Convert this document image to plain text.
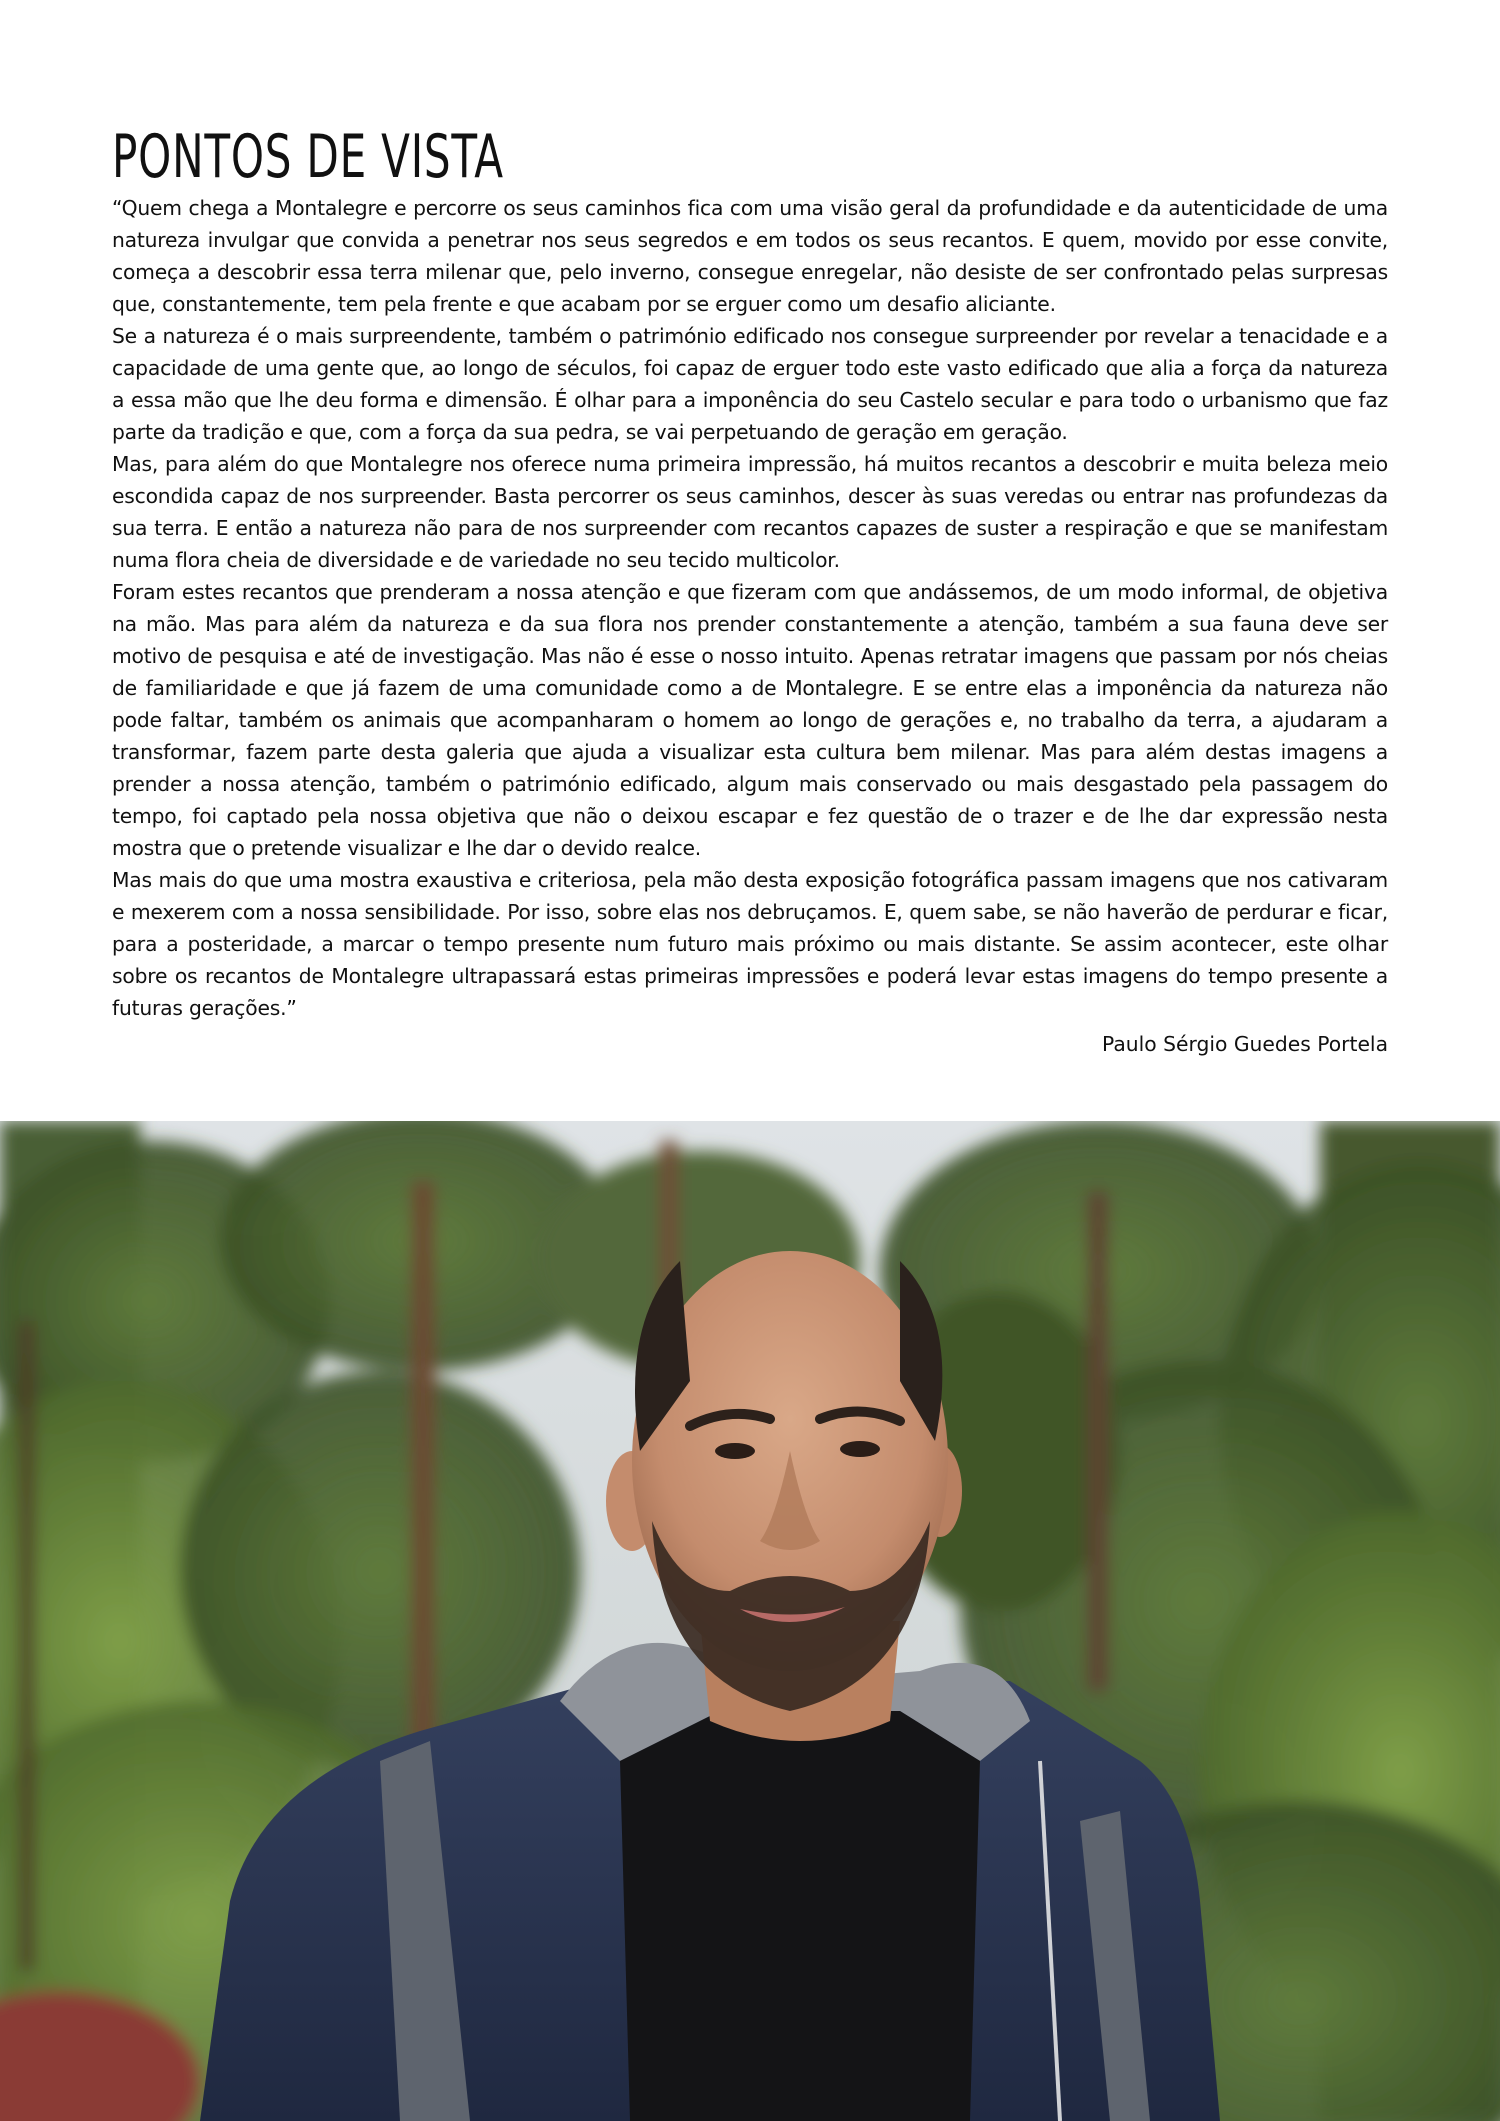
PONTOS DE VISTA

“Quem chega a Montalegre e percorre os seus caminhos fica com uma visão geral da profundidade e da autenticidade de uma natureza invulgar que convida a penetrar nos seus segredos e em todos os seus recantos. E quem, movido por esse convite, começa a descobrir essa terra milenar que, pelo inverno, consegue enregelar, não desiste de ser confrontado pelas surpresas que, constantemente, tem pela frente e que acabam por se erguer como um desafio aliciante.

Se a natureza é o mais surpreendente, também o património edificado nos consegue surpreender por revelar a tenacidade e a capacidade de uma gente que, ao longo de séculos, foi capaz de erguer todo este vasto edificado que alia a força da natureza a essa mão que lhe deu forma e dimensão. É olhar para a imponência do seu Castelo secular e para todo o urbanismo que faz parte da tradição e que, com a força da sua pedra, se vai perpetuando de geração em geração.

Mas, para além do que Montalegre nos oferece numa primeira impressão, há muitos recantos a descobrir e muita beleza meio escondida capaz de nos surpreender. Basta percorrer os seus caminhos, descer às suas veredas ou entrar nas profundezas da sua terra. E então a natureza não para de nos surpreender com recantos capazes de suster a respiração e que se manifestam numa flora cheia de diversidade e de variedade no seu tecido multicolor.

Foram estes recantos que prenderam a nossa atenção e que fizeram com que andássemos, de um modo informal, de objetiva na mão. Mas para além da natureza e da sua flora nos prender constantemente a atenção, também a sua fauna deve ser motivo de pesquisa e até de investigação. Mas não é esse o nosso intuito. Apenas retratar imagens que passam por nós cheias de familiaridade e que já fazem de uma comunidade como a de Montalegre. E se entre elas a imponência da natureza não pode faltar, também os animais que acompanharam o homem ao longo de gerações e, no trabalho da terra, a ajudaram a transformar, fazem parte desta galeria que ajuda a visualizar esta cultura bem milenar. Mas para além destas imagens a prender a nossa atenção, também o património edificado, algum mais conservado ou mais desgastado pela passagem do tempo, foi captado pela nossa objetiva que não o deixou escapar e fez questão de o trazer e de lhe dar expressão nesta mostra que o pretende visualizar e lhe dar o devido realce.

Mas mais do que uma mostra exaustiva e criteriosa, pela mão desta exposição fotográfica passam imagens que nos cativaram e mexerem com a nossa sensibilidade. Por isso, sobre elas nos debruçamos. E, quem sabe, se não haverão de perdurar e ficar, para a posteridade, a marcar o tempo presente num futuro mais próximo ou mais distante. Se assim acontecer, este olhar sobre os recantos de Montalegre ultrapassará estas primeiras impressões e poderá levar estas imagens do tempo presente a futuras gerações.”

Paulo Sérgio Guedes Portela
